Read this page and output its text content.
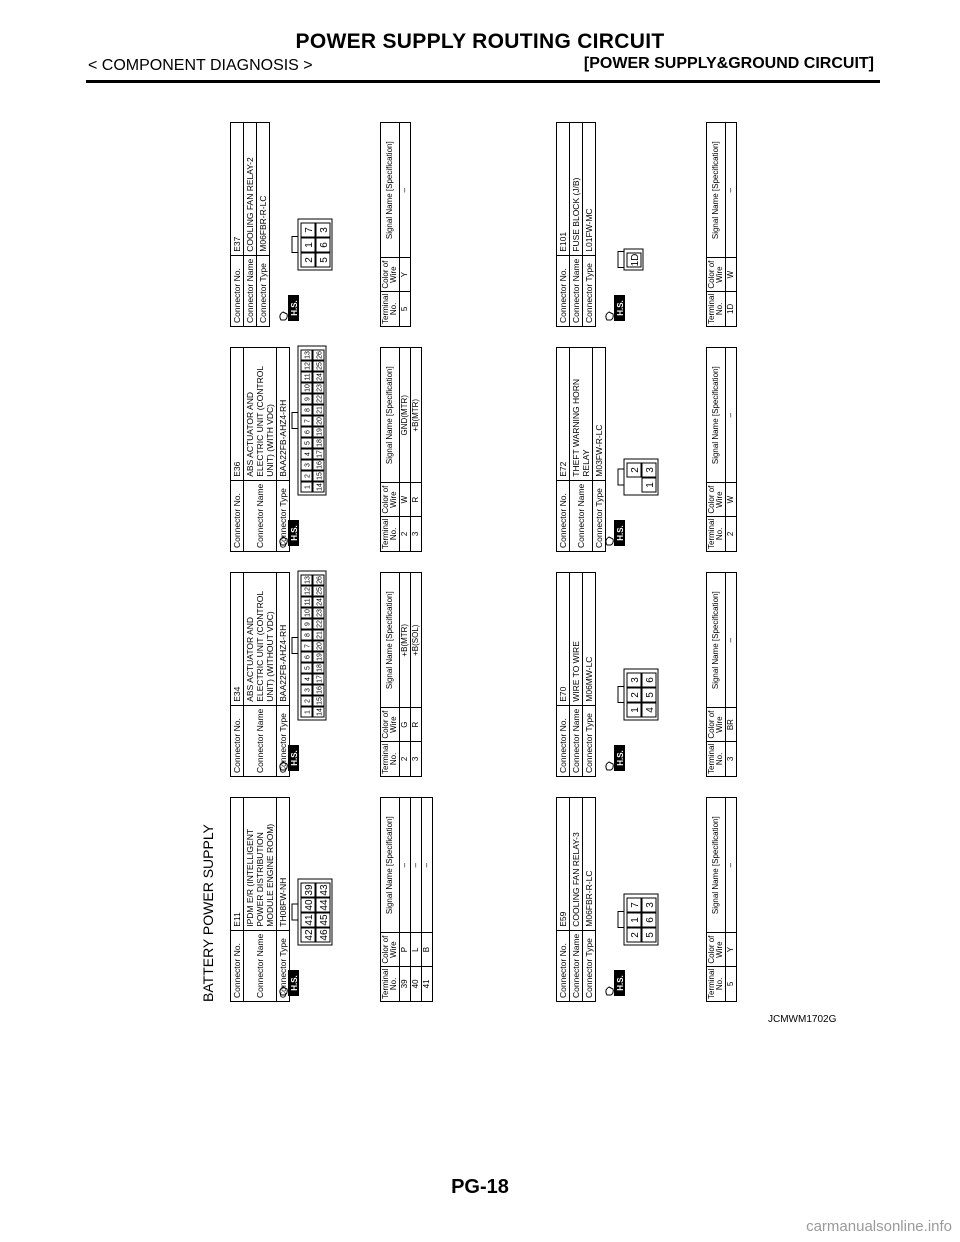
POWER SUPPLY ROUTING CIRCUIT
< COMPONENT DIAGNOSIS >	[POWER SUPPLY&GROUND CIRCUIT]
BATTERY POWER SUPPLY Connector No.	E11
Connector Name	IPDM E/R (INTELLIGENT POWER DISTRIBUTION MODULE ENGINE ROOM)
Connector Type	TH08FW-NH
H.S.
42
41
40
39
46
45
44
43
Terminal No.	Color of Wire	Signal Name [Specification]
39	P	–
40	L	–
41	B	–
Connector No.	E34
Connector Name	ABS ACTUATOR AND ELECTRIC UNIT (CONTROL UNIT) (WITHOUT VDC)
Connector Type	BAA22FB-AHZ4-RH
H.S.
1
2
3
4
5
6
7
8
9
10
11
12
13
14
15
16
17
18
19
20
21
22
23
24
25
26
Terminal No.	Color of Wire	Signal Name [Specification]
2	G	+B(MTR)
3	R	+B(SOL)
Connector No.	E36
Connector Name	ABS ACTUATOR AND ELECTRIC UNIT (CONTROL UNIT) (WITH VDC)
Connector Type	BAA22FB-AHZ4-RH
H.S.
1
2
3
4
5
6
7
8
9
10
11
12
13
14
15
16
17
18
19
20
21
22
23
24
25
26
Terminal No.	Color of Wire	Signal Name [Specification]
2	W	GND(MTR)
3	R	+B(MTR)
Connector No.	E37
Connector Name	COOLING FAN RELAY-2
Connector Type	M06FBR-R-LC
H.S.
2
1
7
5
6
3
Terminal No.	Color of Wire	Signal Name [Specification]
5	Y	–
Connector No.	E59
Connector Name	COOLING FAN RELAY-3
Connector Type	M06FBR-R-LC
H.S.
2
1
7
5
6
3
Terminal No.	Color of Wire	Signal Name [Specification]
5	Y	–
Connector No.	E70
Connector Name	WIRE TO WIRE
Connector Type	M06MW-LC
H.S.
1
2
3
4
5
6
Terminal No.	Color of Wire	Signal Name [Specification]
3	BR	–
Connector No.	E72
Connector Name	THEFT WARNING HORN RELAY
Connector Type	M03FW-R-LC
H.S.
2 3
1
Terminal No.	Color of Wire	Signal Name [Specification]
2	W	–
Connector No.	E101
Connector Name	FUSE BLOCK (J/B)
Connector Type	L01FW-MC
H.S.
1D
Terminal No.	Color of Wire	Signal Name [Specification]
1D	W	–
JCMWM1702G
PG-18
carmanualsonline.info
